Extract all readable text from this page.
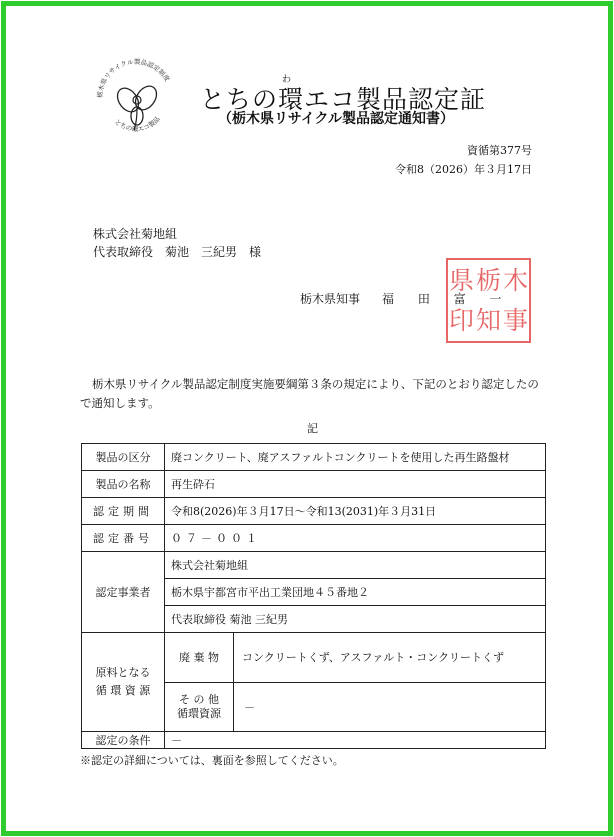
栃木県リサイクル製品認定制度
とちの環エコ製品
わ
とちの環エコ製品認定証
（栃木県リサイクル製品認定通知書）
資循第377号
令和8（2026）年３月17日
株式会社菊地組
代表取締役　菊池　三紀男　様
栃木県知事 福 田 富 一
県 栃 木
印 知 事
栃木県リサイクル製品認定制度実施要綱第３条の規定により、下記のとおり認定したので通知します。
記
製品の区分	廃コンクリート、廃アスファルトコンクリートを使用した再生路盤材
製品の名称	再生砕石
認定期間	令和8(2026)年３月17日～令和13(2031)年３月31日
認定番号	０７－００１
認定事業者	株式会社菊地組
栃木県宇都宮市平出工業団地４５番地２
代表取締役 菊池 三紀男

原料となる
循 環 資 源

廃 棄 物	コンクリートくず、アスファルト・コンクリートくず

そ の 他
循環資源	－

認定の条件	－
※認定の詳細については、裏面を参照してください。
